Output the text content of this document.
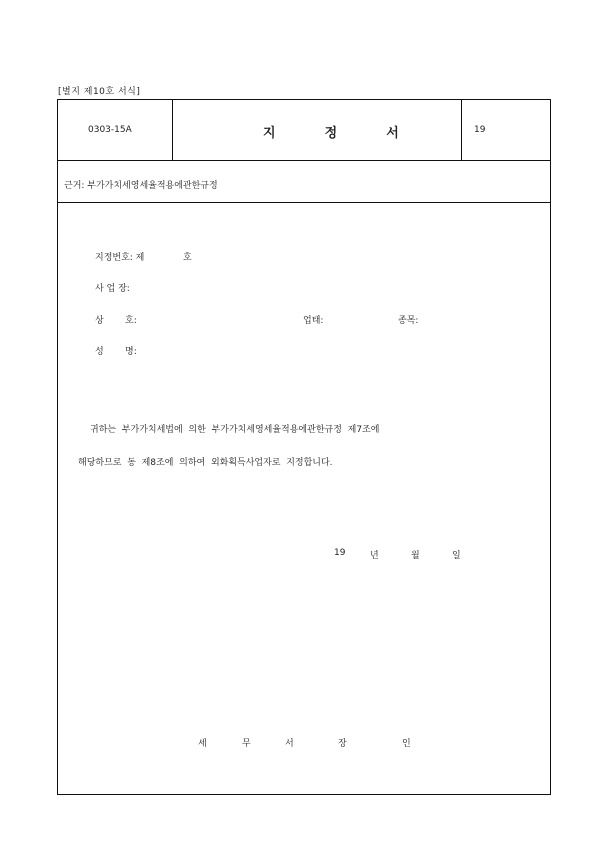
[별지 제10호 서식]
0303-15A	지	정	서	19
근거: 부가가치세영세율적용에관한규정
지정번호: 제	호
사 업 장:
상 호:	업태:	종목:
성 명:
귀하는  부가가치세법에  의한  부가가치세영세율적용에관한규정  제7조에
해당하므로  동  제8조에  의하여  외화획득사업자로  지정합니다.
19	년	월	일
세	무	서	장	인
